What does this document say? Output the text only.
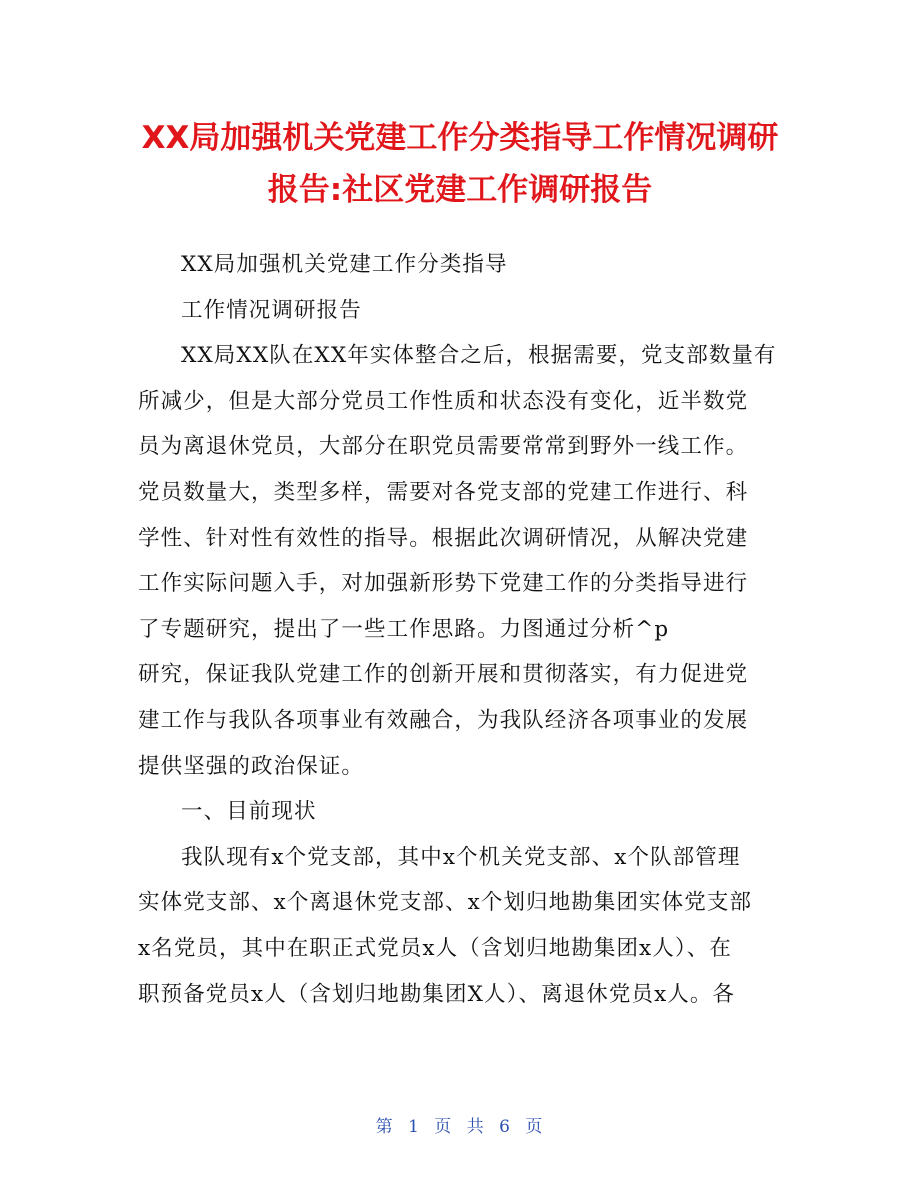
XX局加强机关党建工作分类指导工作情况调研
报告:社区党建工作调研报告
XX局加强机关党建工作分类指导
工作情况调研报告
XX局XX队在XX年实体整合之后，根据需要，党支部数量有
所减少，但是大部分党员工作性质和状态没有变化，近半数党
员为离退休党员，大部分在职党员需要常常到野外一线工作。
党员数量大，类型多样，需要对各党支部的党建工作进行、科
学性、针对性有效性的指导。根据此次调研情况，从解决党建
工作实际问题入手，对加强新形势下党建工作的分类指导进行
了专题研究，提出了一些工作思路。力图通过分析^p
研究，保证我队党建工作的创新开展和贯彻落实，有力促进党
建工作与我队各项事业有效融合，为我队经济各项事业的发展
提供坚强的政治保证。
一、目前现状
我队现有x个党支部，其中x个机关党支部、x个队部管理
实体党支部、x个离退休党支部、x个划归地勘集团实体党支部
x名党员，其中在职正式党员x人（含划归地勘集团x人）、在
职预备党员x人（含划归地勘集团X人）、离退休党员x人。各
第 1 页 共 6 页
